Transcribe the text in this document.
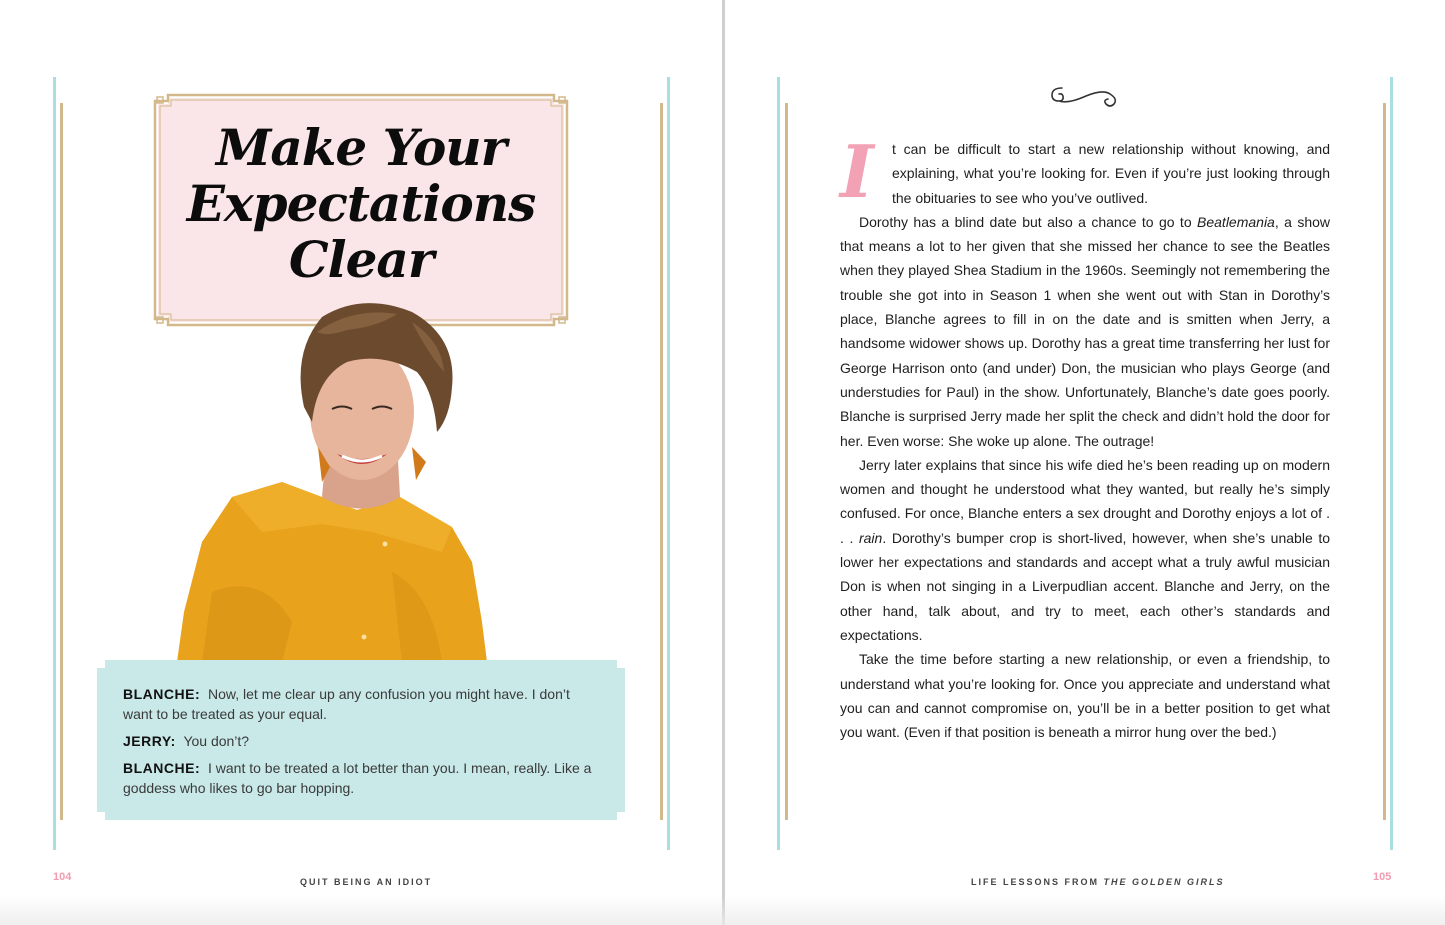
Make Your
Expectations
Clear
BLANCHE: Now, let me clear up any confusion you might have. I don’t want to be treated as your equal.
JERRY: You don’t?
BLANCHE: I want to be treated a lot better than you. I mean, really. Like a goddess who likes to go bar hopping.
104	QUIT BEING AN IDIOT

I	t can be difficult to start a new relationship without knowing, and explaining, what you’re looking for. Even if you’re just looking through the obituaries to see who you’ve outlived.

Dorothy has a blind date but also a chance to go to Beatlemania, a show that means a lot to her given that she missed her chance to see the Beatles when they played Shea Stadium in the 1960s. Seemingly not remembering the trouble she got into in Season 1 when she went out with Stan in Dorothy’s place, Blanche agrees to fill in on the date and is smitten when Jerry, a handsome widower shows up. Dorothy has a great time transferring her lust for George Harrison onto (and under) Don, the musician who plays George (and understudies for Paul) in the show. Unfortunately, Blanche’s date goes poorly. Blanche is surprised Jerry made her split the check and didn’t hold the door for her. Even worse: She woke up alone. The outrage!

Jerry later explains that since his wife died he’s been reading up on modern women and thought he understood what they wanted, but really he’s simply confused. For once, Blanche enters a sex drought and Dorothy enjoys a lot of . . . rain. Dorothy’s bumper crop is short-lived, however, when she’s unable to lower her expectations and standards and accept what a truly awful musician Don is when not singing in a Liverpudlian accent. Blanche and Jerry, on the other hand, talk about, and try to meet, each other’s standards and expectations.

Take the time before starting a new relationship, or even a friendship, to understand what you’re looking for. Once you appreciate and understand what you can and cannot compromise on, you’ll be in a better position to get what you want. (Even if that position is beneath a mirror hung over the bed.)

LIFE LESSONS FROM THE GOLDEN GIRLS	105
